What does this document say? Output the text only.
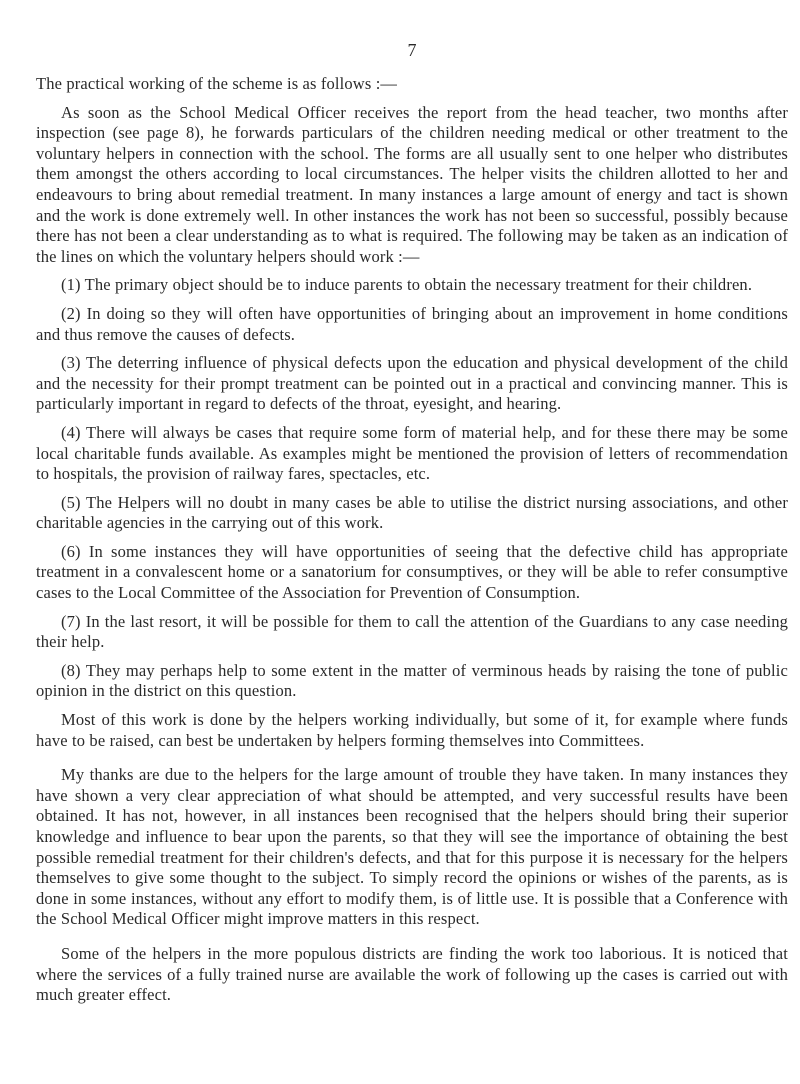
7

The practical working of the scheme is as follows :—

As soon as the School Medical Officer receives the report from the head teacher, two months after inspection (see page 8), he forwards particulars of the children needing medical or other treatment to the voluntary helpers in connection with the school. The forms are all usually sent to one helper who distributes them amongst the others according to local circumstances. The helper visits the children allotted to her and endeavours to bring about remedial treatment. In many instances a large amount of energy and tact is shown and the work is done extremely well. In other instances the work has not been so successful, possibly because there has not been a clear understanding as to what is required. The following may be taken as an indication of the lines on which the voluntary helpers should work :—

(1) The primary object should be to induce parents to obtain the necessary treatment for their children.

(2) In doing so they will often have opportunities of bringing about an improvement in home conditions and thus remove the causes of defects.

(3) The deterring influence of physical defects upon the education and physical development of the child and the necessity for their prompt treatment can be pointed out in a practical and convincing manner. This is particularly important in regard to defects of the throat, eyesight, and hearing.

(4) There will always be cases that require some form of material help, and for these there may be some local charitable funds available. As examples might be mentioned the provision of letters of recommendation to hospitals, the provision of railway fares, spectacles, etc.

(5) The Helpers will no doubt in many cases be able to utilise the district nursing associations, and other charitable agencies in the carrying out of this work.

(6) In some instances they will have opportunities of seeing that the defective child has appropriate treatment in a convalescent home or a sanatorium for consumptives, or they will be able to refer consumptive cases to the Local Committee of the Association for Prevention of Consumption.

(7) In the last resort, it will be possible for them to call the attention of the Guardians to any case needing their help.

(8) They may perhaps help to some extent in the matter of verminous heads by raising the tone of public opinion in the district on this question.

Most of this work is done by the helpers working individually, but some of it, for example where funds have to be raised, can best be undertaken by helpers forming themselves into Committees.

My thanks are due to the helpers for the large amount of trouble they have taken. In many instances they have shown a very clear appreciation of what should be attempted, and very successful results have been obtained. It has not, however, in all instances been recognised that the helpers should bring their superior knowledge and influence to bear upon the parents, so that they will see the importance of obtaining the best possible remedial treatment for their children's defects, and that for this purpose it is necessary for the helpers themselves to give some thought to the subject. To simply record the opinions or wishes of the parents, as is done in some instances, without any effort to modify them, is of little use. It is possible that a Conference with the School Medical Officer might improve matters in this respect.

Some of the helpers in the more populous districts are finding the work too laborious. It is noticed that where the services of a fully trained nurse are available the work of following up the cases is carried out with much greater effect.
